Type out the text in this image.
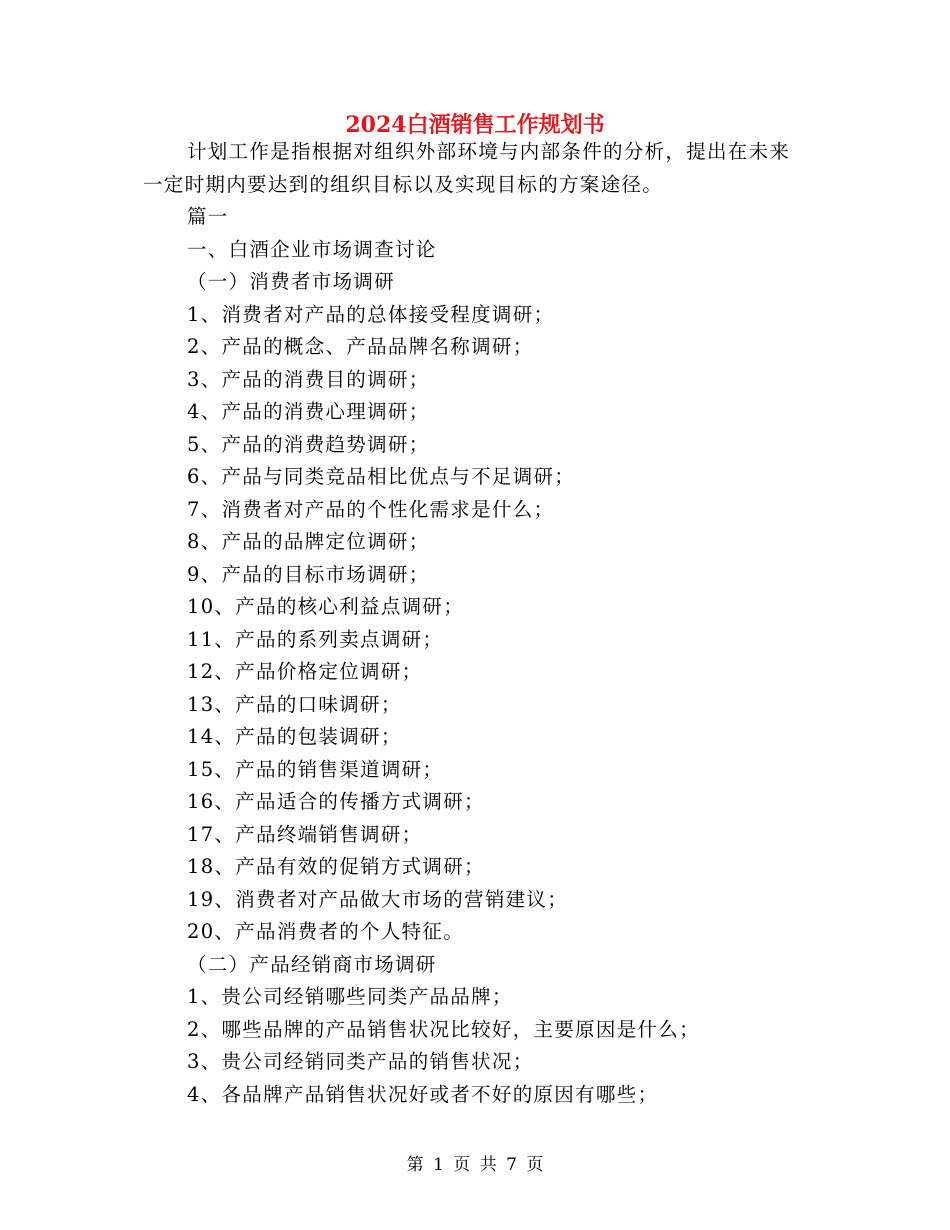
2024白酒销售工作规划书

计划工作是指根据对组织外部环境与内部条件的分析，提出在未来一定时期内要达到的组织目标以及实现目标的方案途径。

篇一
一、白酒企业市场调查讨论
（一）消费者市场调研
1、消费者对产品的总体接受程度调研；
2、产品的概念、产品品牌名称调研；
3、产品的消费目的调研；
4、产品的消费心理调研；
5、产品的消费趋势调研；
6、产品与同类竞品相比优点与不足调研；
7、消费者对产品的个性化需求是什么；
8、产品的品牌定位调研；
9、产品的目标市场调研；
10、产品的核心利益点调研；
11、产品的系列卖点调研；
12、产品价格定位调研；
13、产品的口味调研；
14、产品的包装调研；
15、产品的销售渠道调研；
16、产品适合的传播方式调研；
17、产品终端销售调研；
18、产品有效的促销方式调研；
19、消费者对产品做大市场的营销建议；
20、产品消费者的个人特征。
（二）产品经销商市场调研
1、贵公司经销哪些同类产品品牌；
2、哪些品牌的产品销售状况比较好，主要原因是什么；
3、贵公司经销同类产品的销售状况；
4、各品牌产品销售状况好或者不好的原因有哪些；
第 1 页 共 7 页
